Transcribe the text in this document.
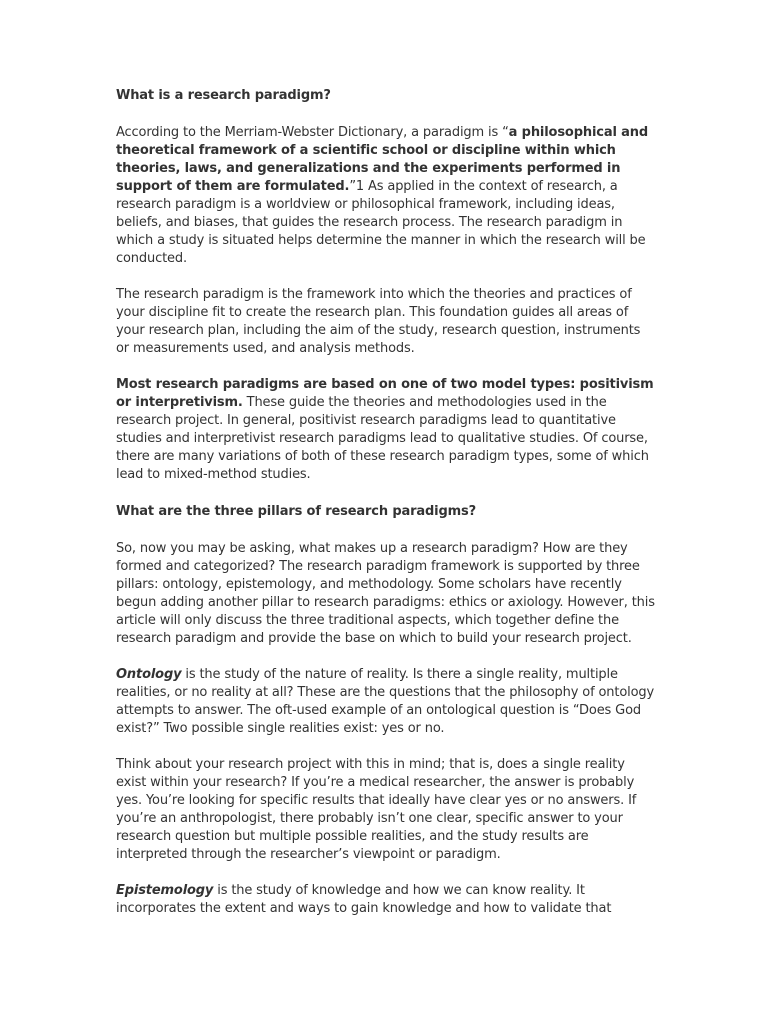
What is a research paradigm?
According to the Merriam-Webster Dictionary, a paradigm is “a philosophical and theoretical framework of a scientific school or discipline within which theories, laws, and generalizations and the experiments performed in support of them are formulated.”1 As applied in the context of research, a research paradigm is a worldview or philosophical framework, including ideas, beliefs, and biases, that guides the research process. The research paradigm in which a study is situated helps determine the manner in which the research will be conducted.
The research paradigm is the framework into which the theories and practices of your discipline fit to create the research plan. This foundation guides all areas of your research plan, including the aim of the study, research question, instruments or measurements used, and analysis methods.
Most research paradigms are based on one of two model types: positivism or interpretivism. These guide the theories and methodologies used in the research project. In general, positivist research paradigms lead to quantitative studies and interpretivist research paradigms lead to qualitative studies. Of course, there are many variations of both of these research paradigm types, some of which lead to mixed-method studies.
What are the three pillars of research paradigms?
So, now you may be asking, what makes up a research paradigm? How are they formed and categorized? The research paradigm framework is supported by three pillars: ontology, epistemology, and methodology. Some scholars have recently begun adding another pillar to research paradigms: ethics or axiology. However, this article will only discuss the three traditional aspects, which together define the research paradigm and provide the base on which to build your research project.
Ontology is the study of the nature of reality. Is there a single reality, multiple realities, or no reality at all? These are the questions that the philosophy of ontology attempts to answer. The oft-used example of an ontological question is “Does God exist?” Two possible single realities exist: yes or no.
Think about your research project with this in mind; that is, does a single reality exist within your research? If you’re a medical researcher, the answer is probably yes. You’re looking for specific results that ideally have clear yes or no answers. If you’re an anthropologist, there probably isn’t one clear, specific answer to your research question but multiple possible realities, and the study results are interpreted through the researcher’s viewpoint or paradigm.
Epistemology is the study of knowledge and how we can know reality. It incorporates the extent and ways to gain knowledge and how to validate that
